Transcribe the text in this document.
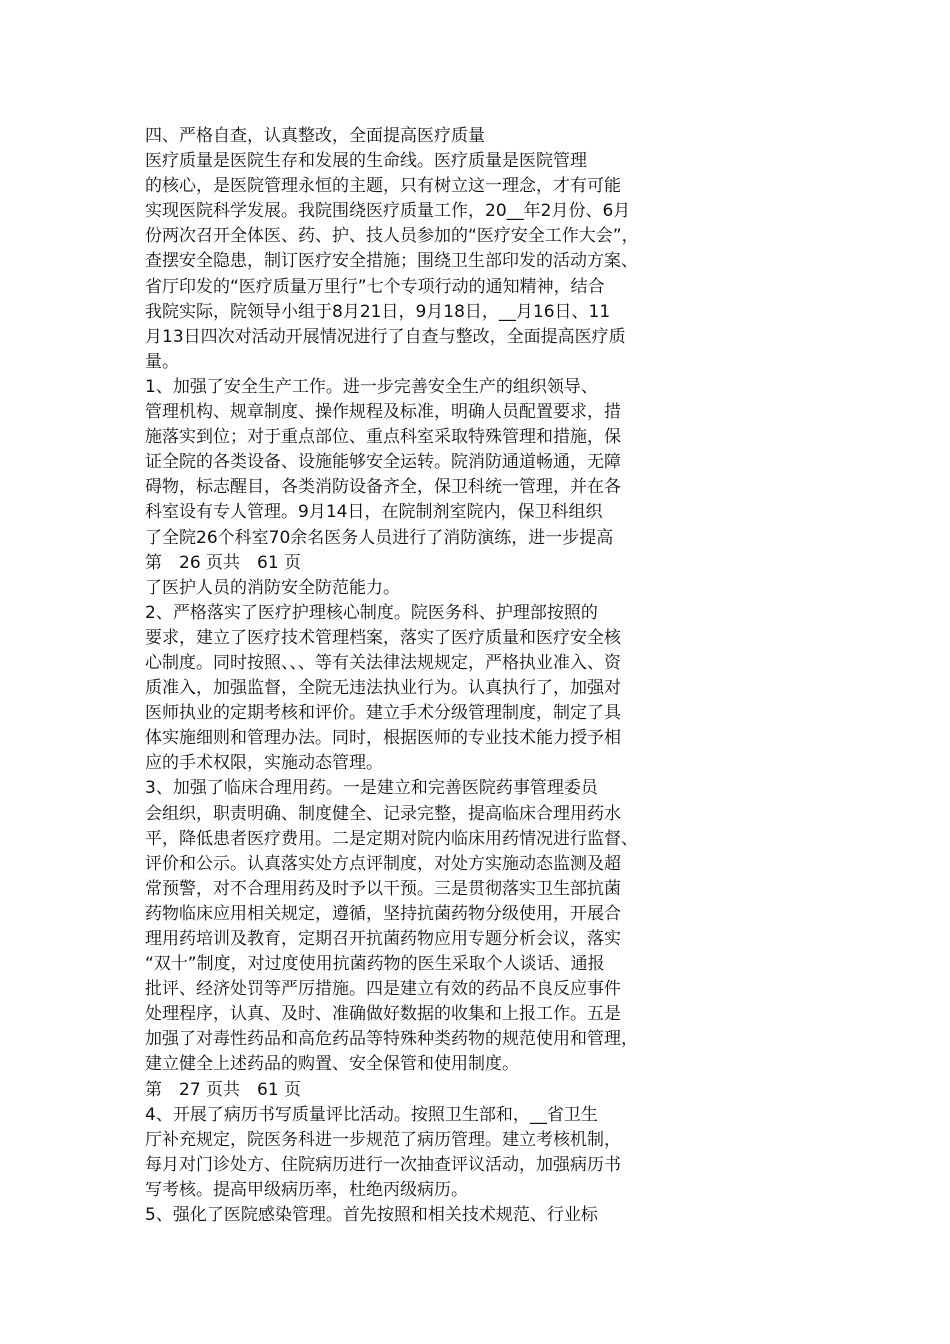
四、严格自查，认真整改，全面提高医疗质量
医疗质量是医院生存和发展的生命线。医疗质量是医院管理
的核心，是医院管理永恒的主题，只有树立这一理念，才有可能
实现医院科学发展。我院围绕医疗质量工作，20__年2月份、6月
份两次召开全体医、药、护、技人员参加的“医疗安全工作大会”，
查摆安全隐患，制订医疗安全措施；围绕卫生部印发的活动方案、
省厅印发的“医疗质量万里行”七个专项行动的通知精神，结合
我院实际，院领导小组于8月21日，9月18日，__月16日、11
月13日四次对活动开展情况进行了自查与整改，全面提高医疗质
量。
1、加强了安全生产工作。进一步完善安全生产的组织领导、
管理机构、规章制度、操作规程及标准，明确人员配置要求，措
施落实到位；对于重点部位、重点科室采取特殊管理和措施，保
证全院的各类设备、设施能够安全运转。院消防通道畅通，无障
碍物，标志醒目，各类消防设备齐全，保卫科统一管理，并在各
科室设有专人管理。9月14日，在院制剂室院内，保卫科组织
了全院26个科室70余名医务人员进行了消防演练，进一步提高
第　26 页共　61 页
了医护人员的消防安全防范能力。
2、严格落实了医疗护理核心制度。院医务科、护理部按照的
要求，建立了医疗技术管理档案，落实了医疗质量和医疗安全核
心制度。同时按照、、、等有关法律法规规定，严格执业准入、资
质准入，加强监督，全院无违法执业行为。认真执行了，加强对
医师执业的定期考核和评价。建立手术分级管理制度，制定了具
体实施细则和管理办法。同时，根据医师的专业技术能力授予相
应的手术权限，实施动态管理。
3、加强了临床合理用药。一是建立和完善医院药事管理委员
会组织，职责明确、制度健全、记录完整，提高临床合理用药水
平，降低患者医疗费用。二是定期对院内临床用药情况进行监督、
评价和公示。认真落实处方点评制度，对处方实施动态监测及超
常预警，对不合理用药及时予以干预。三是贯彻落实卫生部抗菌
药物临床应用相关规定，遵循，坚持抗菌药物分级使用，开展合
理用药培训及教育，定期召开抗菌药物应用专题分析会议，落实
“双十”制度，对过度使用抗菌药物的医生采取个人谈话、通报
批评、经济处罚等严厉措施。四是建立有效的药品不良反应事件
处理程序，认真、及时、准确做好数据的收集和上报工作。五是
加强了对毒性药品和高危药品等特殊种类药物的规范使用和管理，
建立健全上述药品的购置、安全保管和使用制度。
第　27 页共　61 页
4、开展了病历书写质量评比活动。按照卫生部和，__省卫生
厅补充规定，院医务科进一步规范了病历管理。建立考核机制，
每月对门诊处方、住院病历进行一次抽查评议活动，加强病历书
写考核。提高甲级病历率，杜绝丙级病历。
5、强化了医院感染管理。首先按照和相关技术规范、行业标
